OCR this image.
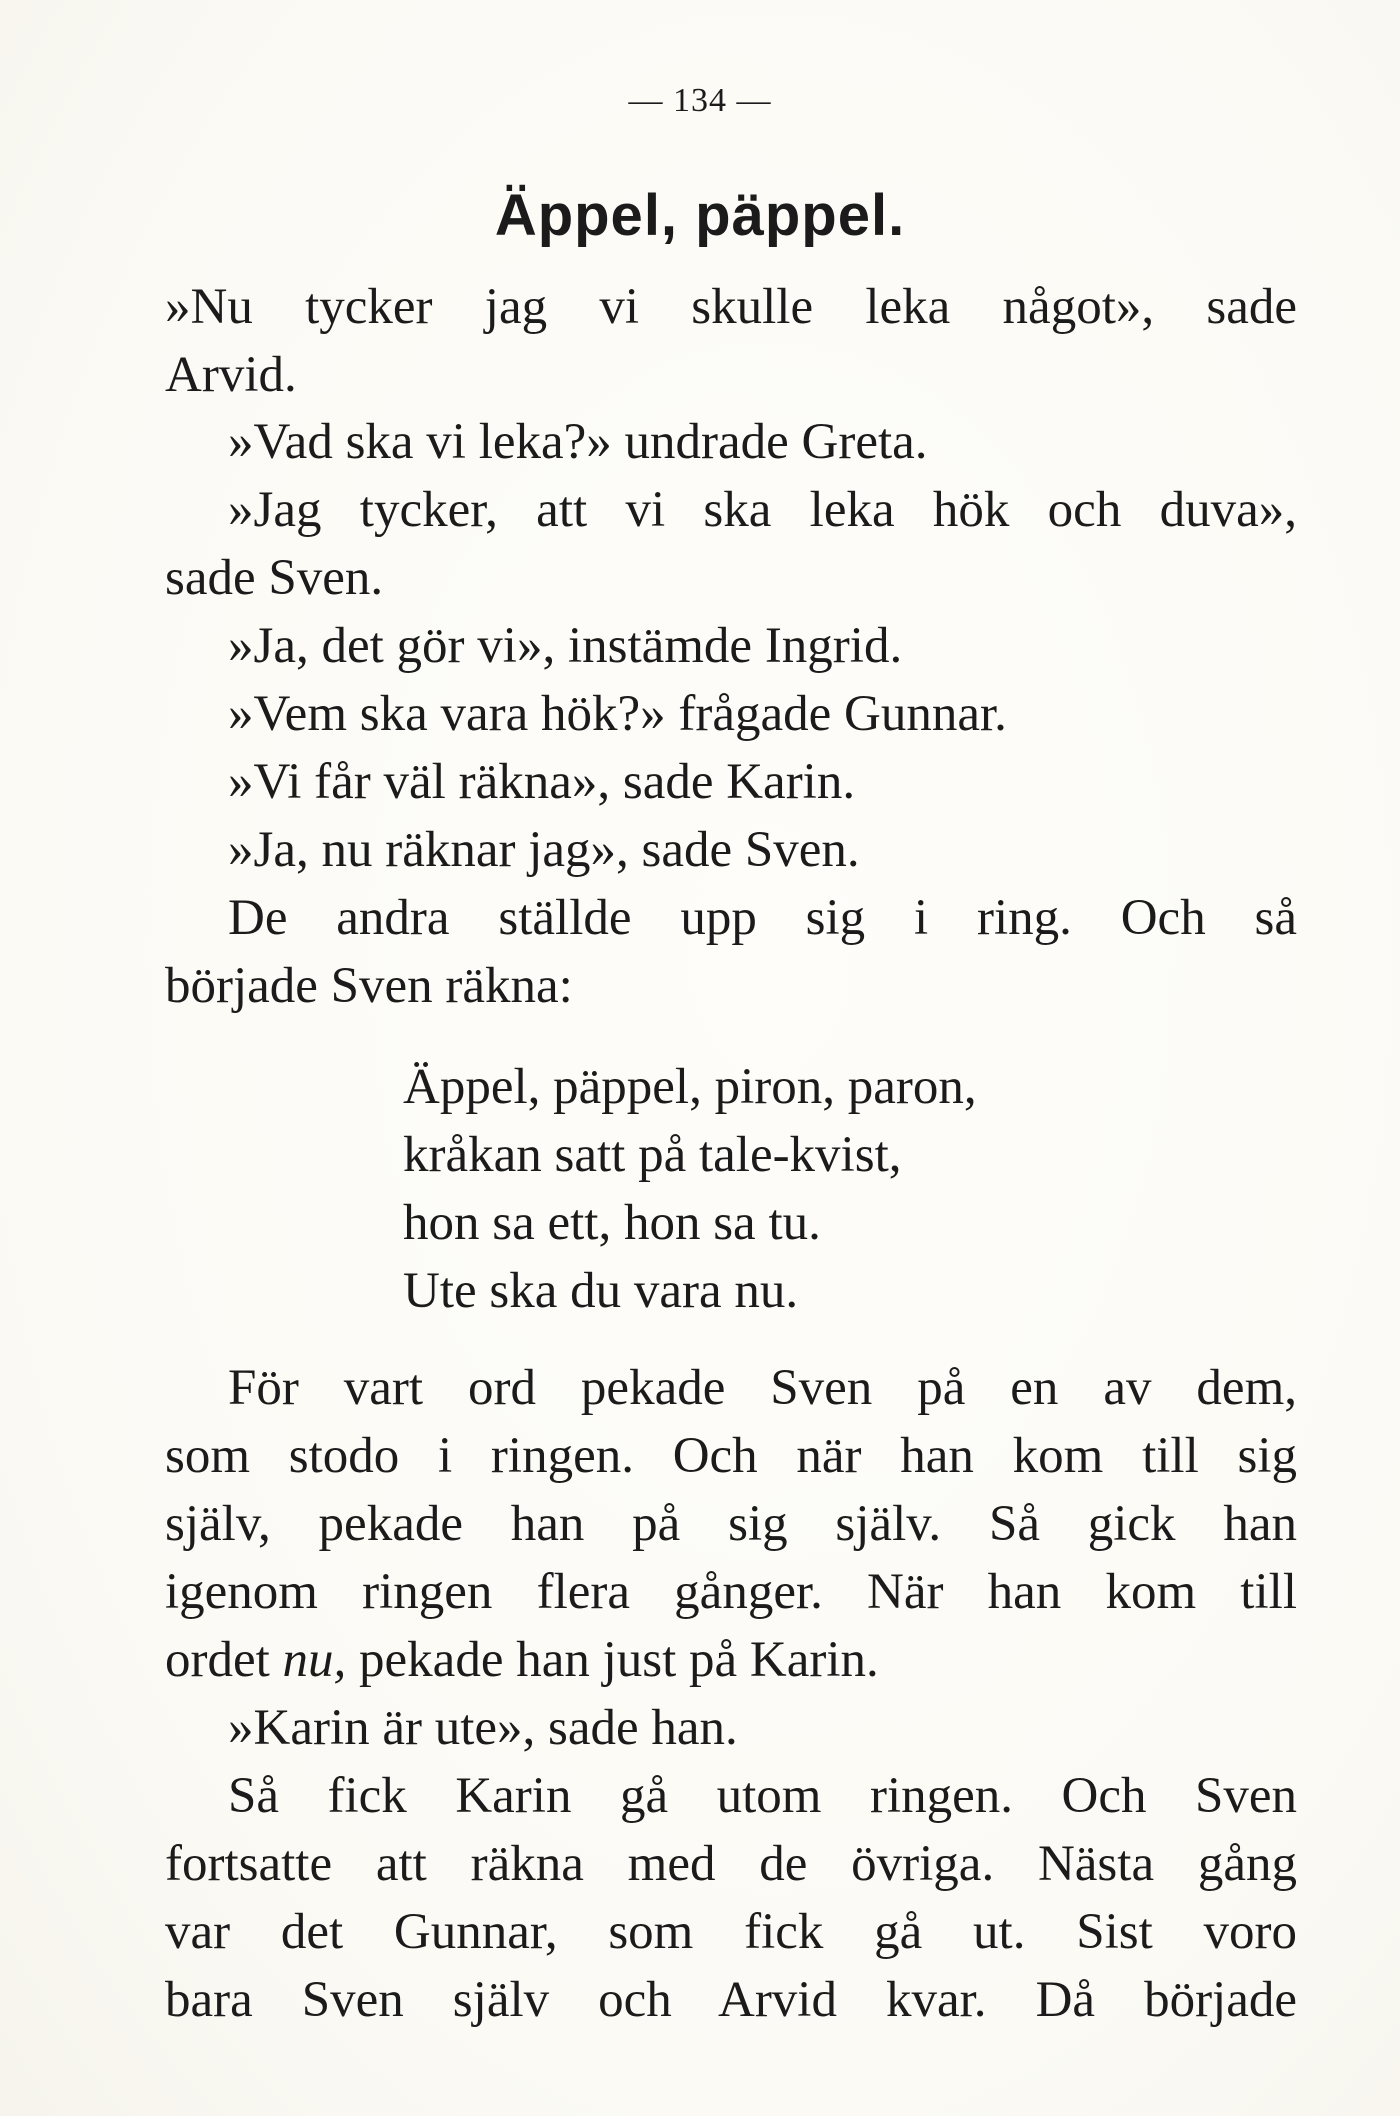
— 134 —
Äppel, päppel.
»Nu tycker jag vi skulle leka något», sade
Arvid.
»Vad ska vi leka?» undrade Greta.
»Jag tycker, att vi ska leka hök och duva»,
sade Sven.
»Ja, det gör vi», instämde Ingrid.
»Vem ska vara hök?» frågade Gunnar.
»Vi får väl räkna», sade Karin.
»Ja, nu räknar jag», sade Sven.
De andra ställde upp sig i ring. Och så
började Sven räkna:
Äppel, päppel, piron, paron,
kråkan satt på tale-kvist,
hon sa ett, hon sa tu.
Ute ska du vara nu.
För vart ord pekade Sven på en av dem,
som stodo i ringen. Och när han kom till sig
själv, pekade han på sig själv. Så gick han
igenom ringen flera gånger. När han kom till
ordet nu, pekade han just på Karin.
»Karin är ute», sade han.
Så fick Karin gå utom ringen. Och Sven
fortsatte att räkna med de övriga. Nästa gång
var det Gunnar, som fick gå ut. Sist voro
bara Sven själv och Arvid kvar. Då började
